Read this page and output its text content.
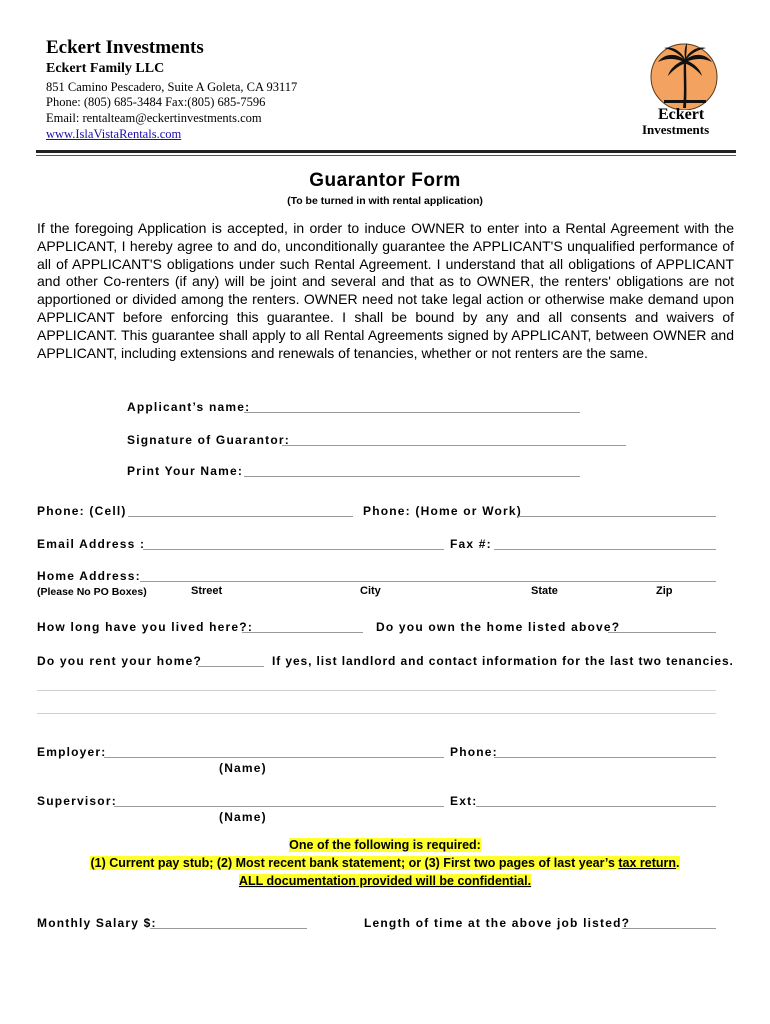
Eckert Investments
Eckert Family LLC
851 Camino Pescadero, Suite A Goleta, CA 93117
Phone: (805) 685-3484 Fax:(805) 685-7596
Email: rentalteam@eckertinvestments.com
www.IslaVistaRentals.com
Eckert
Investments
Guarantor Form
(To be turned in with rental application)
If the foregoing Application is accepted, in order to induce OWNER to enter into a Rental Agreement with the APPLICANT, I hereby agree to and do, unconditionally guarantee the APPLICANT'S unqualified performance of all of APPLICANT'S obligations under such Rental Agreement. I understand that all obligations of APPLICANT and other Co-renters (if any) will be joint and several and that as to OWNER, the renters' obligations are not apportioned or divided among the renters. OWNER need not take legal action or otherwise make demand upon APPLICANT before enforcing this guarantee. I shall be bound by any and all consents and waivers of APPLICANT. This guarantee shall apply to all Rental Agreements signed by APPLICANT, between OWNER and APPLICANT, including extensions and renewals of tenancies, whether or not renters are the same.
Applicant’s name:
Signature of Guarantor:
Print Your Name:
Phone: (Cell)	Phone: (Home or Work)
Email Address :	Fax #:
Home Address:
(Please No PO Boxes)	Street	City	State	Zip
How long have you lived here?:	Do you own the home listed above?
Do you rent your home?	If yes, list landlord and contact information for the last two tenancies.
Employer:	Phone:
(Name)
Supervisor:	Ext:
(Name)
One of the following is required:
(1) Current pay stub; (2) Most recent bank statement; or (3) First two pages of last year’s tax return.
ALL documentation provided will be confidential.
Monthly Salary $:	Length of time at the above job listed?
